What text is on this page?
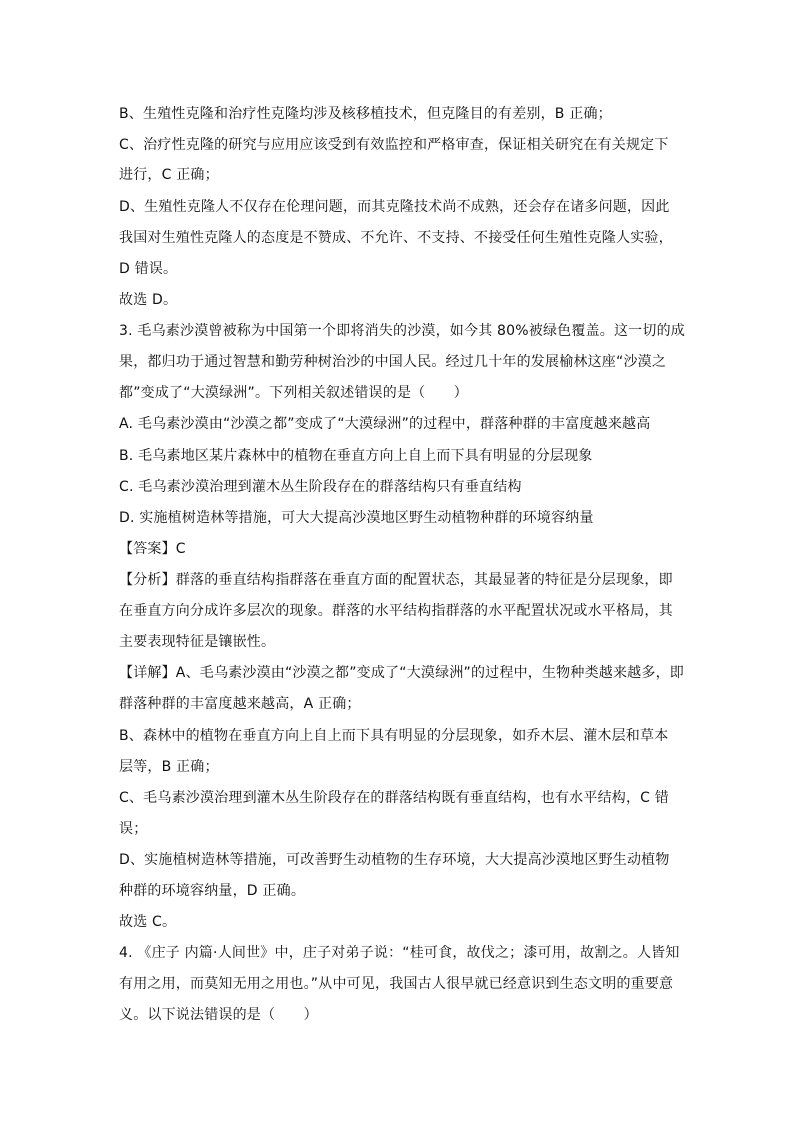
B、生殖性克隆和治疗性克隆均涉及核移植技术，但克隆目的有差别，B 正确；
C、治疗性克隆的研究与应用应该受到有效监控和严格审查，保证相关研究在有关规定下
进行，C 正确；
D、生殖性克隆人不仅存在伦理问题，而其克隆技术尚不成熟，还会存在诸多问题，因此
我国对生殖性克隆人的态度是不赞成、不允许、不支持、不接受任何生殖性克隆人实验，
D 错误。
故选 D。
3. 毛乌素沙漠曾被称为中国第一个即将消失的沙漠，如今其 80%被绿色覆盖。这一切的成
果，都归功于通过智慧和勤劳种树治沙的中国人民。经过几十年的发展榆林这座“沙漠之
都”变成了“大漠绿洲”。下列相关叙述错误的是（　　）
A. 毛乌素沙漠由“沙漠之都”变成了“大漠绿洲”的过程中，群落种群的丰富度越来越高
B. 毛乌素地区某片森林中的植物在垂直方向上自上而下具有明显的分层现象
C. 毛乌素沙漠治理到灌木丛生阶段存在的群落结构只有垂直结构
D. 实施植树造林等措施，可大大提高沙漠地区野生动植物种群的环境容纳量
【答案】C
【分析】群落的垂直结构指群落在垂直方面的配置状态，其最显著的特征是分层现象，即
在垂直方向分成许多层次的现象。群落的水平结构指群落的水平配置状况或水平格局，其
主要表现特征是镶嵌性。
【详解】A、毛乌素沙漠由“沙漠之都”变成了“大漠绿洲”的过程中，生物种类越来越多，即
群落种群的丰富度越来越高，A 正确；
B、森林中的植物在垂直方向上自上而下具有明显的分层现象，如乔木层、灌木层和草本
层等，B 正确；
C、毛乌素沙漠治理到灌木丛生阶段存在的群落结构既有垂直结构，也有水平结构，C 错
误；
D、实施植树造林等措施，可改善野生动植物的生存环境，大大提高沙漠地区野生动植物
种群的环境容纳量，D 正确。
故选 C。
4. 《庄子 内篇·人间世》中，庄子对弟子说：“桂可食，故伐之；漆可用，故割之。人皆知
有用之用，而莫知无用之用也。”从中可见，我国古人很早就已经意识到生态文明的重要意
义。以下说法错误的是（　　）
